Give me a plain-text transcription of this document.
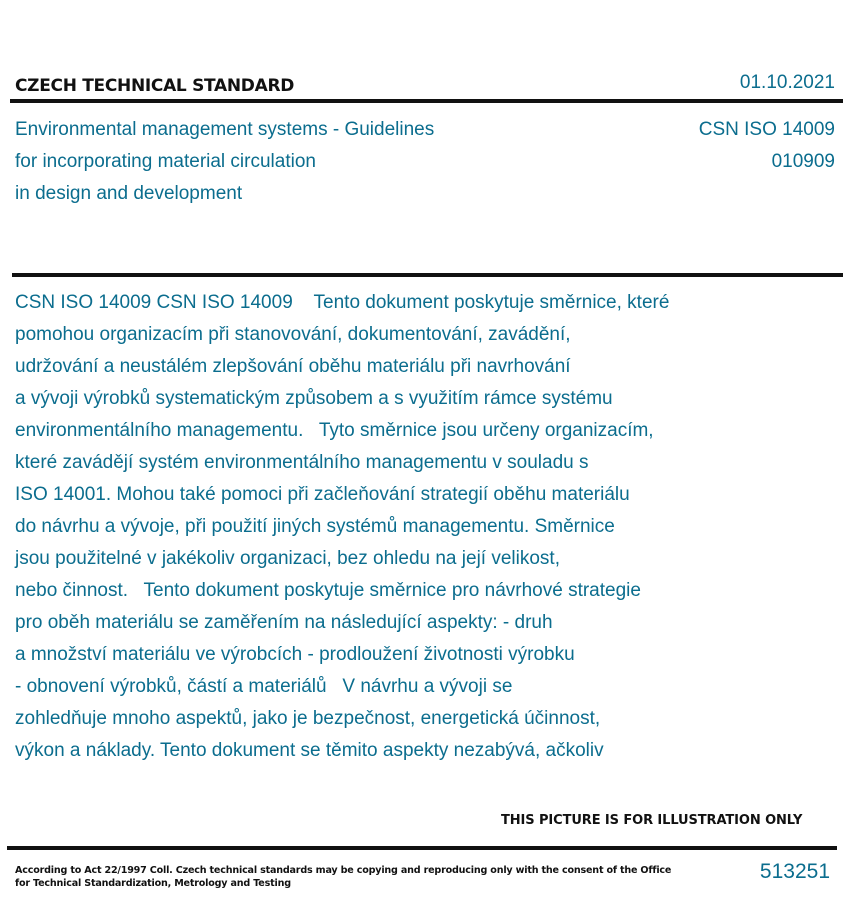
CZECH TECHNICAL STANDARD	01.10.2021
Environmental management systems - Guidelines
for incorporating material circulation
in design and development
CSN ISO 14009
010909
CSN ISO 14009 CSN ISO 14009    Tento dokument poskytuje směrnice, které
pomohou organizacím při stanovování, dokumentování, zavádění,
udržování a neustálém zlepšování oběhu materiálu při navrhování
a vývoji výrobků systematickým způsobem a s využitím rámce systému
environmentálního managementu.   Tyto směrnice jsou určeny organizacím,
které zavádějí systém environmentálního managementu v souladu s
ISO 14001. Mohou také pomoci při začleňování strategií oběhu materiálu
do návrhu a vývoje, při použití jiných systémů managementu. Směrnice
jsou použitelné v jakékoliv organizaci, bez ohledu na její velikost,
nebo činnost.   Tento dokument poskytuje směrnice pro návrhové strategie
pro oběh materiálu se zaměřením na následující aspekty: - druh
a množství materiálu ve výrobcích - prodloužení životnosti výrobku
- obnovení výrobků, částí a materiálů   V návrhu a vývoji se
zohledňuje mnoho aspektů, jako je bezpečnost, energetická účinnost,
výkon a náklady. Tento dokument se těmito aspekty nezabývá, ačkoliv
THIS PICTURE IS FOR ILLUSTRATION ONLY
According to Act 22/1997 Coll. Czech technical standards may be copying and reproducing only with the consent of the Office
for Technical Standardization, Metrology and Testing
513251
